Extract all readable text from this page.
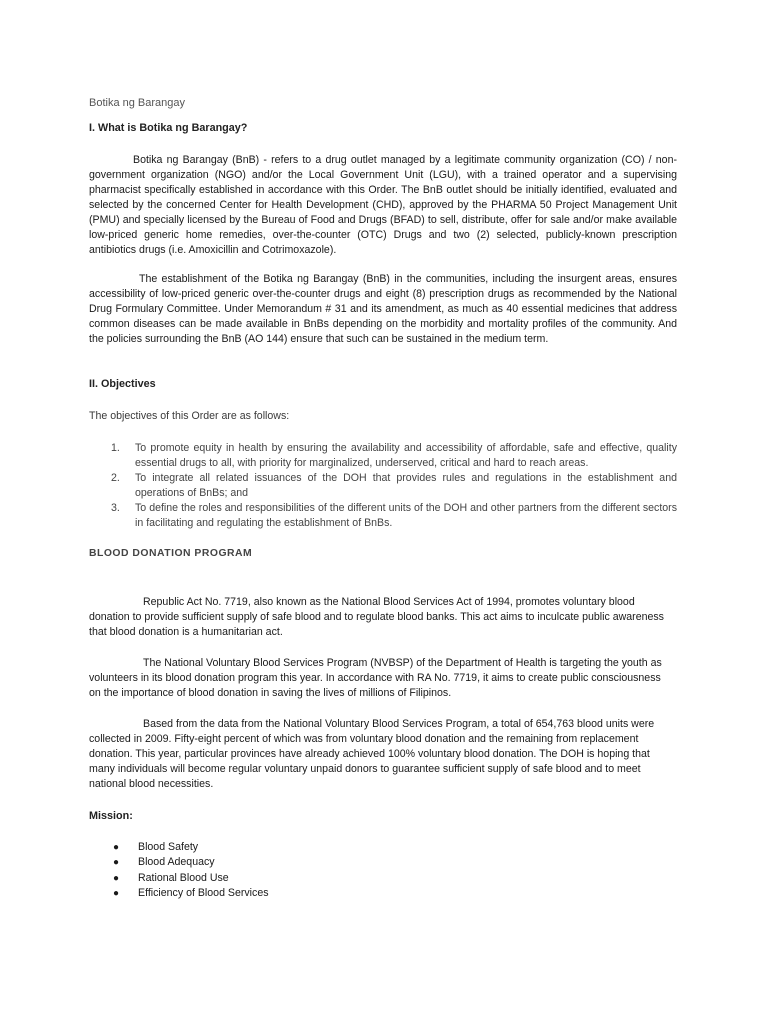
Botika ng Barangay
I. What is Botika ng Barangay?
Botika ng Barangay (BnB) - refers to a drug outlet managed by a legitimate community organization (CO) / non-government organization (NGO) and/or the Local Government Unit (LGU), with a trained operator and a supervising pharmacist specifically established in accordance with this Order. The BnB outlet should be initially identified, evaluated and selected by the concerned Center for Health Development (CHD), approved by the PHARMA 50 Project Management Unit (PMU) and specially licensed by the Bureau of Food and Drugs (BFAD) to sell, distribute, offer for sale and/or make available low-priced generic home remedies, over-the-counter (OTC) Drugs and two (2) selected, publicly-known prescription antibiotics drugs (i.e. Amoxicillin and Cotrimoxazole).
The establishment of the Botika ng Barangay (BnB) in the communities, including the insurgent areas, ensures accessibility of low-priced generic over-the-counter drugs and eight (8) prescription drugs as recommended by the National Drug Formulary Committee. Under Memorandum # 31 and its amendment, as much as 40 essential medicines that address common diseases can be made available in BnBs depending on the morbidity and mortality profiles of the community. And the policies surrounding the BnB (AO 144) ensure that such can be sustained in the medium term.
II. Objectives
The objectives of this Order are as follows:
1. To promote equity in health by ensuring the availability and accessibility of affordable, safe and effective, quality essential drugs to all, with priority for marginalized, underserved, critical and hard to reach areas.
2. To integrate all related issuances of the DOH that provides rules and regulations in the establishment and operations of BnBs; and
3. To define the roles and responsibilities of the different units of the DOH and other partners from the different sectors in facilitating and regulating the establishment of BnBs.
BLOOD DONATION PROGRAM
Republic Act No. 7719, also known as the National Blood Services Act of 1994, promotes voluntary blood donation to provide sufficient supply of safe blood and to regulate blood banks. This act aims to inculcate public awareness that blood donation is a humanitarian act.
The National Voluntary Blood Services Program (NVBSP) of the Department of Health is targeting the youth as volunteers in its blood donation program this year. In accordance with RA No. 7719, it aims to create public consciousness on the importance of blood donation in saving the lives of millions of Filipinos.
Based from the data from the National Voluntary Blood Services Program, a total of 654,763 blood units were collected in 2009. Fifty-eight percent of which was from voluntary blood donation and the remaining from replacement donation. This year, particular provinces have already achieved 100% voluntary blood donation. The DOH is hoping that many individuals will become regular voluntary unpaid donors to guarantee sufficient supply of safe blood and to meet national blood necessities.
Mission:
● Blood Safety
● Blood Adequacy
● Rational Blood Use
● Efficiency of Blood Services
